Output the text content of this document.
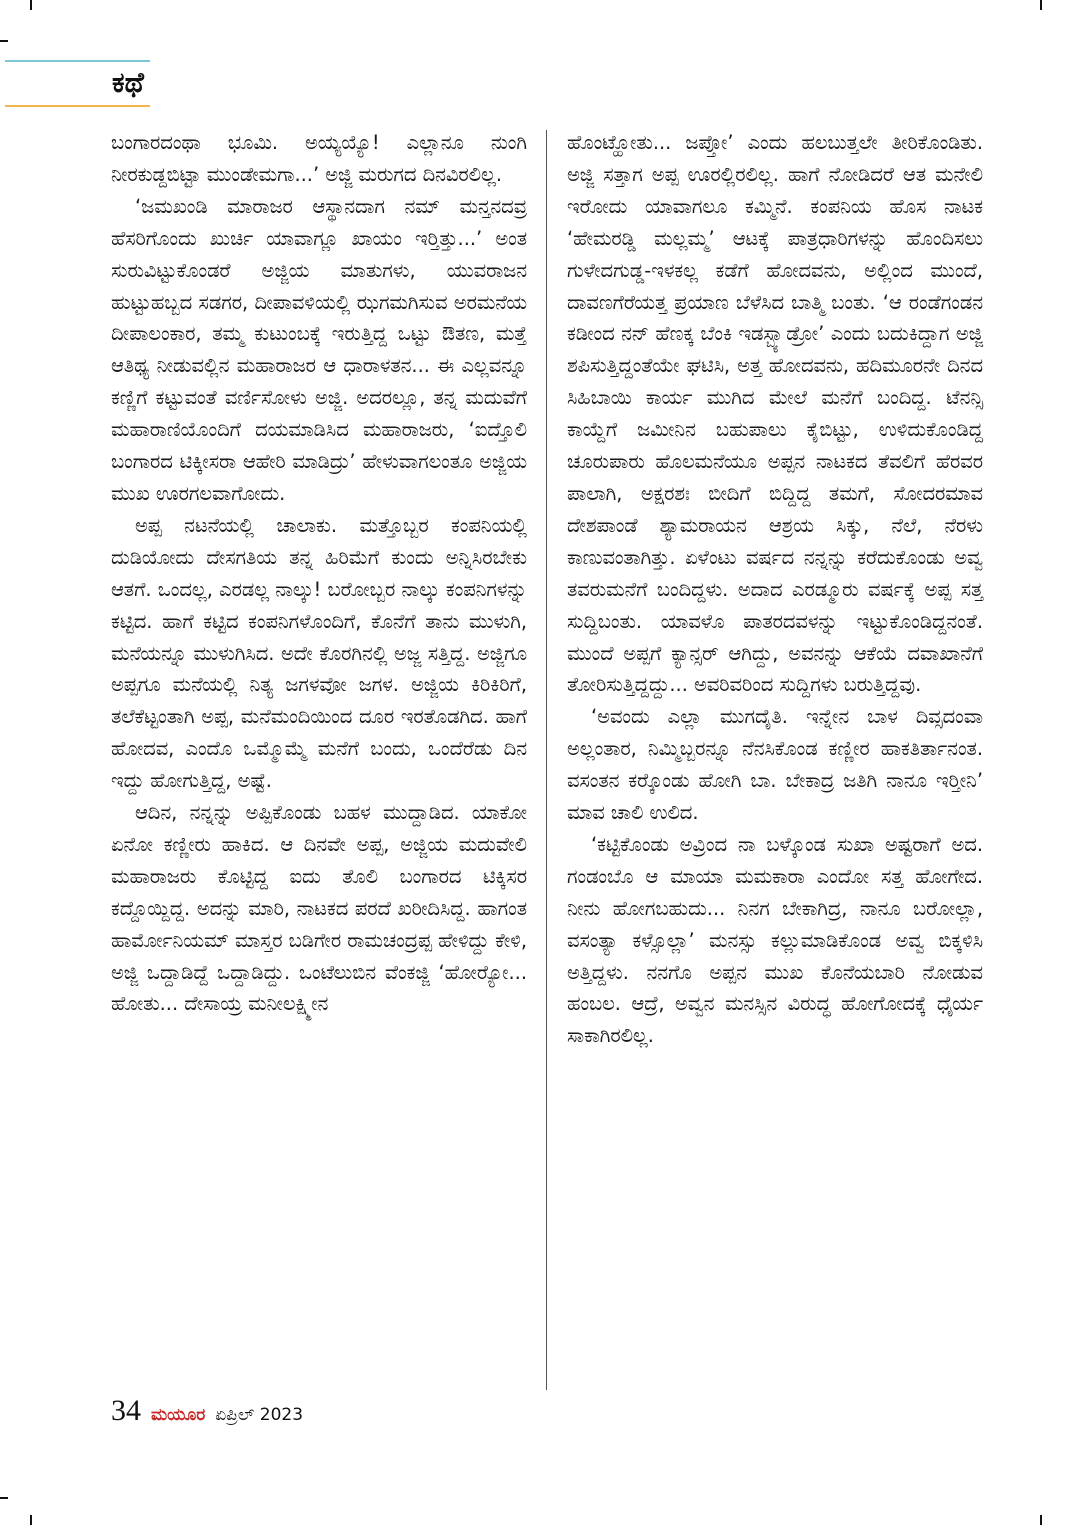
ಕಥೆ

ಬಂಗಾರದಂಥಾ ಭೂಮಿ. ಅಯ್ಯಯ್ಯೊ! ಎಲ್ಲಾನೂ ನುಂಗಿ ನೀರಕುಡ್ದಬಿಟ್ಟಾ ಮುಂಡೇಮಗಾ...’ ಅಜ್ಜಿ ಮರುಗದ ದಿನವಿರಲಿಲ್ಲ.

‘ಜಮಖಂಡಿ ಮಾರಾಜರ ಆಸ್ಥಾನದಾಗ ನಮ್ ಮನ್ತನದವ್ರ ಹೆಸರಿಗೊಂದು ಖುರ್ಚಿ ಯಾವಾಗ್ಲೂ ಖಾಯಂ ಇರ್‍ತಿತ್ತು...’ ಅಂತ ಸುರುವಿಟ್ಟುಕೊಂಡರೆ ಅಜ್ಜಿಯ ಮಾತುಗಳು, ಯುವರಾಜನ ಹುಟ್ಟುಹಬ್ಬದ ಸಡಗರ, ದೀಪಾವಳಿಯಲ್ಲಿ ಝಗಮಗಿಸುವ ಅರಮನೆಯ ದೀಪಾಲಂಕಾರ, ತಮ್ಮ ಕುಟುಂಬಕ್ಕೆ ಇರುತ್ತಿದ್ದ ಒಟ್ಟು ಔತಣ, ಮತ್ತೆ ಆತಿಥ್ಯ ನೀಡುವಲ್ಲಿನ ಮಹಾರಾಜರ ಆ ಧಾರಾಳತನ... ಈ ಎಲ್ಲವನ್ನೂ ಕಣ್ಣಿಗೆ ಕಟ್ಟುವಂತೆ ವರ್ಣಿಸೋಳು ಅಜ್ಜಿ. ಅದರಲ್ಲೂ, ತನ್ನ ಮದುವೆಗೆ ಮಹಾರಾಣಿಯೊಂದಿಗೆ ದಯಮಾಡಿಸಿದ ಮಹಾರಾಜರು, ‘ಐದ್ತೊಲಿ ಬಂಗಾರದ ಟಿಕ್ಕೀಸರಾ ಆಹೇರಿ ಮಾಡಿದ್ರು’ ಹೇಳುವಾಗಲಂತೂ ಅಜ್ಜಿಯ ಮುಖ ಊರಗಲವಾಗೋದು.

ಅಪ್ಪ ನಟನೆಯಲ್ಲಿ ಚಾಲಾಕು. ಮತ್ತೊಬ್ಬರ ಕಂಪನಿಯಲ್ಲಿ ದುಡಿಯೋದು ದೇಸಗತಿಯ ತನ್ನ ಹಿರಿಮೆಗೆ ಕುಂದು ಅನ್ನಿಸಿರಬೇಕು ಆತಗೆ. ಒಂದಲ್ಲ, ಎರಡಲ್ಲ ನಾಲ್ಕು! ಬರೋಬ್ಬರ ನಾಲ್ಕು ಕಂಪನಿಗಳನ್ನು ಕಟ್ಟಿದ. ಹಾಗೆ ಕಟ್ಟಿದ ಕಂಪನಿಗಳೊಂದಿಗೆ, ಕೊನೆಗೆ ತಾನು ಮುಳುಗಿ, ಮನೆಯನ್ನೂ ಮುಳುಗಿಸಿದ. ಅದೇ ಕೊರಗಿನಲ್ಲಿ ಅಜ್ಜ ಸತ್ತಿದ್ದ. ಅಜ್ಜಿಗೂ ಅಪ್ಪಗೂ ಮನೆಯಲ್ಲಿ ನಿತ್ಯ ಜಗಳವೋ ಜಗಳ. ಅಜ್ಜಿಯ ಕಿರಿಕಿರಿಗೆ, ತಲೆಕೆಟ್ಟಂತಾಗಿ ಅಪ್ಪ, ಮನೆಮಂದಿಯಿಂದ ದೂರ ಇರತೊಡಗಿದ. ಹಾಗೆ ಹೋದವ, ಎಂದೊ ಒಮ್ಮೊಮ್ಮೆ ಮನೆಗೆ ಬಂದು, ಒಂದೆರೆಡು ದಿನ ಇದ್ದು ಹೋಗುತ್ತಿದ್ದ, ಅಷ್ಟೆ.

ಆದಿನ, ನನ್ನನ್ನು ಅಪ್ಪಿಕೊಂಡು ಬಹಳ ಮುದ್ದಾಡಿದ. ಯಾಕೋ ಏನೋ ಕಣ್ಣೀರು ಹಾಕಿದ. ಆ ದಿನವೇ ಅಪ್ಪ, ಅಜ್ಜಿಯ ಮದುವೇಲಿ ಮಹಾರಾಜರು ಕೊಟ್ಟಿದ್ದ ಐದು ತೊಲಿ ಬಂಗಾರದ ಟಿಕ್ಕಿಸರ ಕದ್ದೊಯ್ದಿದ್ದ. ಅದನ್ನು ಮಾರಿ, ನಾಟಕದ ಪರದೆ ಖರೀದಿಸಿದ್ದ. ಹಾಗಂತ ಹಾರ್ಮೋನಿಯಮ್ ಮಾಸ್ತರ ಬಡಿಗೇರ ರಾಮಚಂದ್ರಪ್ಪ ಹೇಳಿದ್ದು ಕೇಳಿ, ಅಜ್ಜಿ ಒದ್ದಾಡಿದ್ದೆ ಒದ್ದಾಡಿದ್ದು. ಒಂಟೆಲುಬಿನ ವೆಂಕಜ್ಜಿ ‘ಹೋರ್‍ಯೋ... ಹೋತು... ದೇಸಾಯ್ರ ಮನೀಲಕ್ಷ್ಮೀನ

ಹೊಂಟ್ಹೋತು... ಜಪ್ತೋ’ ಎಂದು ಹಲಬುತ್ತಲೇ ತೀರಿಕೊಂಡಿತು. ಅಜ್ಜಿ ಸತ್ತಾಗ ಅಪ್ಪ ಊರಲ್ಲಿರಲಿಲ್ಲ. ಹಾಗೆ ನೋಡಿದರೆ ಆತ ಮನೇಲಿ ಇರೋದು ಯಾವಾಗಲೂ ಕಮ್ಮಿನೆ. ಕಂಪನಿಯ ಹೊಸ ನಾಟಕ ‘ಹೇಮರಡ್ಡಿ ಮಲ್ಲಮ್ಮ’ ಆಟಕ್ಕೆ ಪಾತ್ರಧಾರಿಗಳನ್ನು ಹೊಂದಿಸಲು ಗುಳೇದಗುಡ್ಡ-ಇಳಕಲ್ಲ ಕಡೆಗೆ ಹೋದವನು, ಅಲ್ಲಿಂದ ಮುಂದೆ, ದಾವಣಗೆರೆಯತ್ತ ಪ್ರಯಾಣ ಬೆಳೆಸಿದ ಬಾತ್ಮಿ ಬಂತು. ‘ಆ ರಂಡೆಗಂಡನ ಕಡೀಂದ ನನ್ ಹೆಣಕ್ಕ ಬೆಂಕಿ ಇಡಸ್ಬ್ಯಾಡ್ರೋ’ ಎಂದು ಬದುಕಿದ್ದಾಗ ಅಜ್ಜಿ ಶಪಿಸುತ್ತಿದ್ದಂತೆಯೇ ಘಟಿಸಿ, ಅತ್ತ ಹೋದವನು, ಹದಿಮೂರನೇ ದಿನದ ಸಿಹಿಬಾಯಿ ಕಾರ್ಯ ಮುಗಿದ ಮೇಲೆ ಮನೆಗೆ ಬಂದಿದ್ದ. ಟೆನನ್ಸಿ ಕಾಯ್ದೆಗೆ ಜಮೀನಿನ ಬಹುಪಾಲು ಕೈಬಿಟ್ಟು, ಉಳಿದುಕೊಂಡಿದ್ದ ಚೂರುಪಾರು ಹೊಲಮನೆಯೂ ಅಪ್ಪನ ನಾಟಕದ ತೆವಲಿಗೆ ಹೆರವರ ಪಾಲಾಗಿ, ಅಕ್ಷರಶಃ ಬೀದಿಗೆ ಬಿದ್ದಿದ್ದ ತಮಗೆ, ಸೋದರಮಾವ ದೇಶಪಾಂಡೆ ಶ್ಯಾಮರಾಯನ ಆಶ್ರಯ ಸಿಕ್ಕು, ನೆಲೆ, ನೆರಳು ಕಾಣುವಂತಾಗಿತ್ತು. ಏಳೆಂಟು ವರ್ಷದ ನನ್ನನ್ನು ಕರೆದುಕೊಂಡು ಅವ್ವ ತವರುಮನೆಗೆ ಬಂದಿದ್ದಳು. ಅದಾದ ಎರಡ್ಮೂರು ವರ್ಷಕ್ಕೆ ಅಪ್ಪ ಸತ್ತ ಸುದ್ದಿಬಂತು. ಯಾವಳೊ ಪಾತರದವಳನ್ನು ಇಟ್ಟುಕೊಂಡಿದ್ದನಂತೆ. ಮುಂದೆ ಅಪ್ಪಗೆ ಕ್ಯಾನ್ಸರ್ ಆಗಿದ್ದು, ಅವನನ್ನು ಆಕೆಯೆ ದವಾಖಾನೆಗೆ ತೋರಿಸುತ್ತಿದ್ದದ್ದು... ಅವರಿವರಿಂದ ಸುದ್ದಿಗಳು ಬರುತ್ತಿದ್ದವು.

‘ಅವಂದು ಎಲ್ಲಾ ಮುಗದೈತಿ. ಇನ್ನೇನ ಬಾಳ ದಿವ್ಸದಂವಾ ಅಲ್ಲಂತಾರ, ನಿಮ್ಮಿಬ್ಬರನ್ನೂ ನೆನಸಿಕೊಂಡ ಕಣ್ಣೀರ ಹಾಕತಿರ್ತಾನಂತ. ವಸಂತನ ಕರ್‍ಕೊಂಡು ಹೋಗಿ ಬಾ. ಬೇಕಾದ್ರ ಜತಿಗಿ ನಾನೂ ಇರ್‍ತೀನಿ’ ಮಾವ ಚಾಲಿ ಉಲಿದ.

‘ಕಟ್ಟಿಕೊಂಡು ಅವ್ರಿಂದ ನಾ ಬಳ್ಕೊಂಡ ಸುಖಾ ಅಷ್ಟರಾಗೆ ಅದ. ಗಂಡಂಬೊ ಆ ಮಾಯಾ ಮಮಕಾರಾ ಎಂದೋ ಸತ್ತ ಹೋಗೇದ. ನೀನು ಹೋಗಬಹುದು... ನಿನಗ ಬೇಕಾಗಿದ್ರ, ನಾನೂ ಬರೋಲ್ಲಾ, ವಸಂತ್ಯಾ ಕಳ್ಸೊಲ್ಲಾ’ ಮನಸ್ಸು ಕಲ್ಲುಮಾಡಿಕೊಂಡ ಅವ್ವ ಬಿಕ್ಕಳಿಸಿ ಅತ್ತಿದ್ದಳು. ನನಗೊ ಅಪ್ಪನ ಮುಖ ಕೊನೆಯಬಾರಿ ನೋಡುವ ಹಂಬಲ. ಆದ್ರೆ, ಅವ್ವನ ಮನಸ್ಸಿನ ವಿರುದ್ಧ ಹೋಗೋದಕ್ಕೆ ಧೈರ್ಯ ಸಾಕಾಗಿರಲಿಲ್ಲ.

34 ಮಯೂರ ಏಪ್ರಿಲ್ 2023
